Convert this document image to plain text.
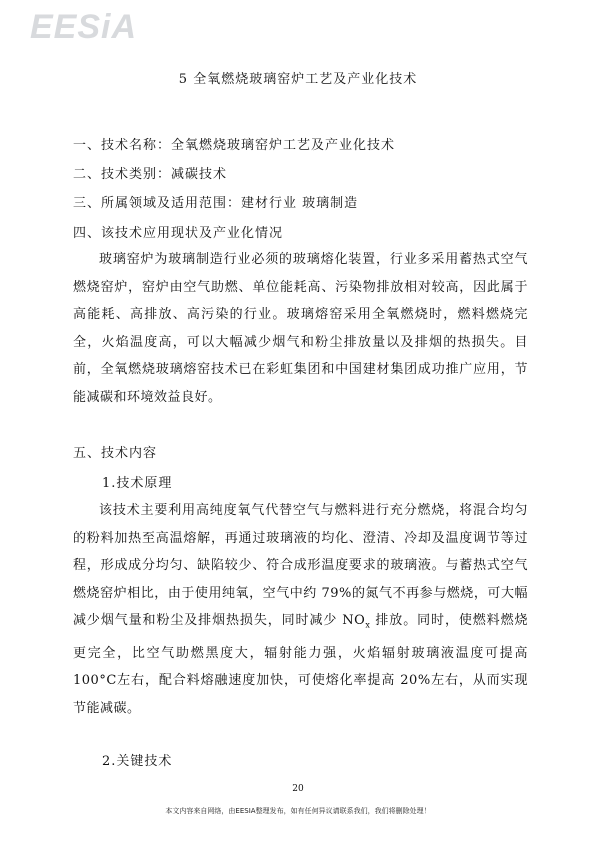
EESiA
5 全氧燃烧玻璃窑炉工艺及产业化技术
一、技术名称：全氧燃烧玻璃窑炉工艺及产业化技术
二、技术类别：减碳技术
三、所属领域及适用范围：建材行业 玻璃制造
四、该技术应用现状及产业化情况
玻璃窑炉为玻璃制造行业必须的玻璃熔化装置，行业多采用蓄热式空气燃烧窑炉，窑炉由空气助燃、单位能耗高、污染物排放相对较高，因此属于高能耗、高排放、高污染的行业。玻璃熔窑采用全氧燃烧时，燃料燃烧完全，火焰温度高，可以大幅减少烟气和粉尘排放量以及排烟的热损失。目前，全氧燃烧玻璃熔窑技术已在彩虹集团和中国建材集团成功推广应用，节能减碳和环境效益良好。
五、技术内容
1.技术原理
该技术主要利用高纯度氧气代替空气与燃料进行充分燃烧，将混合均匀的粉料加热至高温熔解，再通过玻璃液的均化、澄清、冷却及温度调节等过程，形成成分均匀、缺陷较少、符合成形温度要求的玻璃液。与蓄热式空气燃烧窑炉相比，由于使用纯氧，空气中约 79%的氮气不再参与燃烧，可大幅减少烟气量和粉尘及排烟热损失，同时减少 $NO_x$ 排放。同时，使燃料燃烧更完全，比空气助燃黑度大，辐射能力强，火焰辐射玻璃液温度可提高 100°C左右，配合料熔融速度加快，可使熔化率提高 20%左右，从而实现节能减碳。
2.关键技术
20
本文内容来自网络，由EESIA整理发布，如有任何异议请联系我们，我们将删除处理！
